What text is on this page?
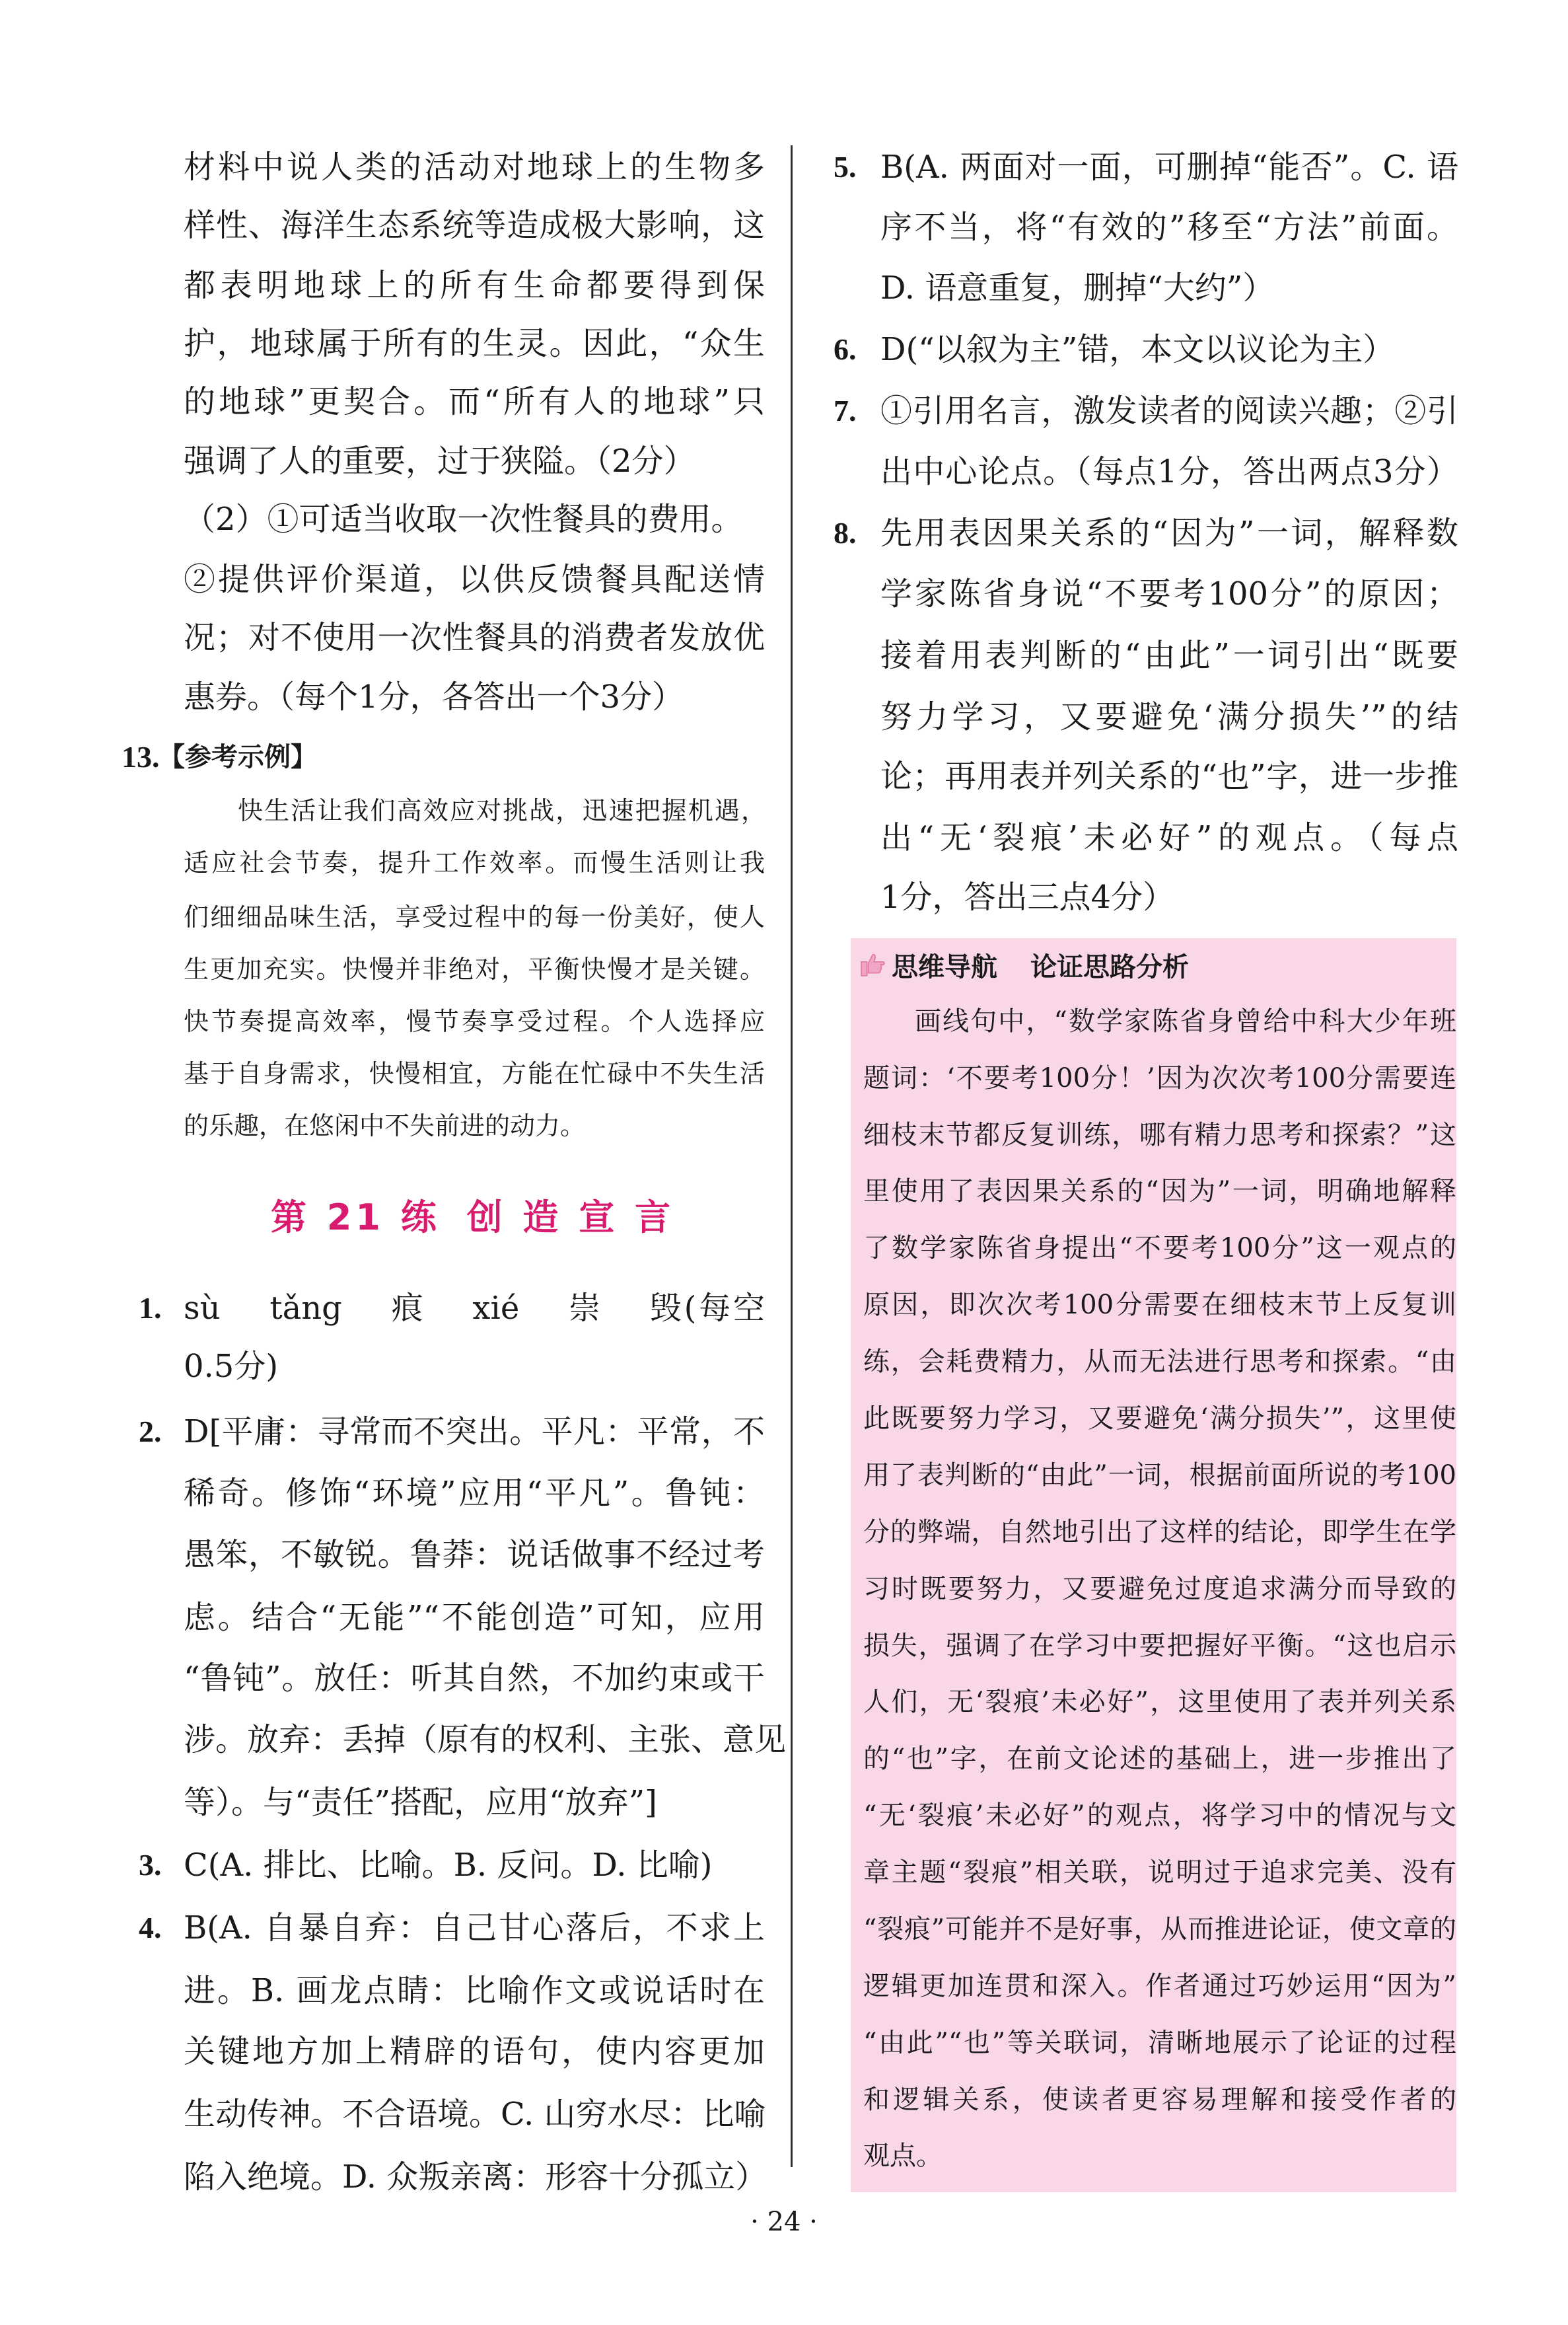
思维导航 论证思路分析
第 21 练 创 造 宣 言
13.
【参考示例】
· 24 ·
材料中说人类的活动对地球上的生物多
样性、海洋生态系统等造成极大影响，这
都表明地球上的所有生命都要得到保
护，地球属于所有的生灵。因此，“众生
的地球”更契合。而“所有人的地球”只
强调了人的重要，过于狭隘。（2分）
（2）①可适当收取一次性餐具的费用。
②提供评价渠道，以供反馈餐具配送情
况；对不使用一次性餐具的消费者发放优
惠券。（每个1分，各答出一个3分）
快生活让我们高效应对挑战，迅速把握机遇，
适应社会节奏，提升工作效率。而慢生活则让我
们细细品味生活，享受过程中的每一份美好，使人
生更加充实。快慢并非绝对，平衡快慢才是关键。
快节奏提高效率，慢节奏享受过程。个人选择应
基于自身需求，快慢相宜，方能在忙碌中不失生活
的乐趣，在悠闲中不失前进的动力。
1. sù　 tǎng　 痕　 xié　 崇　 毁(每空
0.5分)
2. D[平庸：寻常而不突出。平凡：平常，不
稀奇。修饰“环境”应用“平凡”。鲁钝：
愚笨，不敏锐。鲁莽：说话做事不经过考
虑。结合“无能”“不能创造”可知，应用
“鲁钝”。放任：听其自然，不加约束或干
涉。放弃：丢掉（原有的权利、主张、意见
等）。与“责任”搭配，应用“放弃”]
3. C(A. 排比、比喻。B. 反问。D. 比喻)
4. B(A. 自暴自弃：自己甘心落后，不求上
进。B. 画龙点睛：比喻作文或说话时在
关键地方加上精辟的语句，使内容更加
生动传神。不合语境。C. 山穷水尽：比喻
陷入绝境。D. 众叛亲离：形容十分孤立）
5. B(A. 两面对一面，可删掉“能否”。C. 语
序不当，将“有效的”移至“方法”前面。
D. 语意重复，删掉“大约”）
6. D(“以叙为主”错，本文以议论为主）
7. ①引用名言，激发读者的阅读兴趣；②引
出中心论点。（每点1分，答出两点3分）
8. 先用表因果关系的“因为”一词，解释数
学家陈省身说“不要考100分”的原因；
接着用表判断的“由此”一词引出“既要
努力学习，又要避免‘满分损失’”的结
论；再用表并列关系的“也”字，进一步推
出“无‘裂痕’未必好”的观点。（每点
1分，答出三点4分）
画线句中，“数学家陈省身曾给中科大少年班
题词：‘不要考100分！’因为次次考100分需要连
细枝末节都反复训练，哪有精力思考和探索？”这
里使用了表因果关系的“因为”一词，明确地解释
了数学家陈省身提出“不要考100分”这一观点的
原因，即次次考100分需要在细枝末节上反复训
练，会耗费精力，从而无法进行思考和探索。“由
此既要努力学习，又要避免‘满分损失’”，这里使
用了表判断的“由此”一词，根据前面所说的考100
分的弊端，自然地引出了这样的结论，即学生在学
习时既要努力，又要避免过度追求满分而导致的
损失，强调了在学习中要把握好平衡。“这也启示
人们，无‘裂痕’未必好”，这里使用了表并列关系
的“也”字，在前文论述的基础上，进一步推出了
“无‘裂痕’未必好”的观点，将学习中的情况与文
章主题“裂痕”相关联，说明过于追求完美、没有
“裂痕”可能并不是好事，从而推进论证，使文章的
逻辑更加连贯和深入。作者通过巧妙运用“因为”
“由此”“也”等关联词，清晰地展示了论证的过程
和逻辑关系，使读者更容易理解和接受作者的
观点。
